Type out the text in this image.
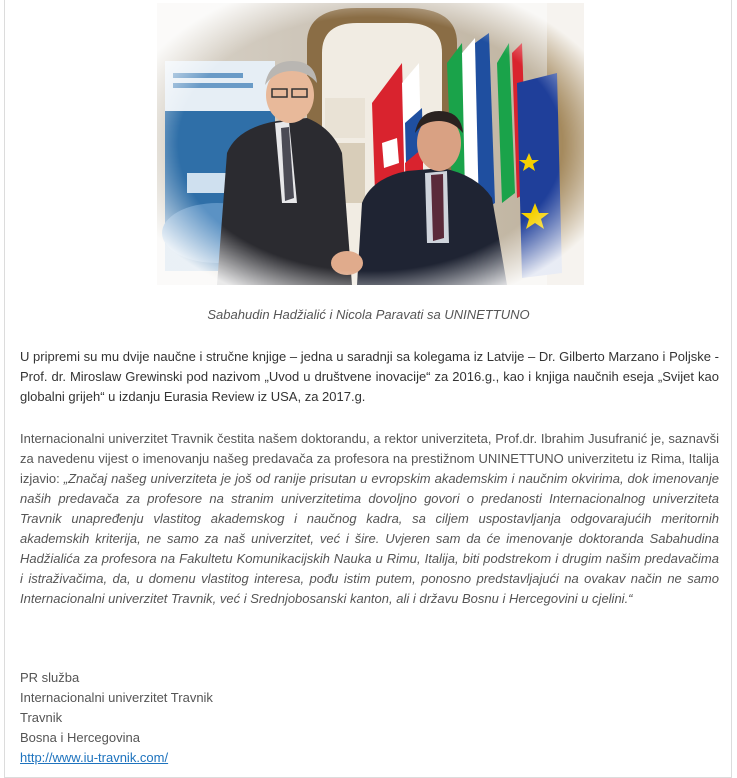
Sabahudin Hadžialić i Nicola Paravati sa UNINETTUNO

U pripremi su mu dvije naučne i stručne knjige – jedna u saradnji sa kolegama iz Latvije – Dr. Gilberto Marzano i Poljske - Prof. dr. Miroslaw Grewinski pod nazivom „Uvod u društvene inovacije“ za 2016.g., kao i knjiga naučnih eseja „Svijet kao globalni grijeh“ u izdanju Eurasia Review iz USA, za 2017.g.

Internacionalni univerzitet Travnik čestita našem doktorandu, a rektor univerziteta, Prof.dr. Ibrahim Jusufranić je, saznavši za navedenu vijest o imenovanju našeg predavača za profesora na prestižnom UNINETTUNO univerzitetu iz Rima, Italija izjavio: „Značaj našeg univerziteta je još od ranije prisutan u evropskim akademskim i naučnim okvirima, dok imenovanje naših predavača za profesore na stranim univerzitetima dovoljno govori o predanosti Internacionalnog univerziteta Travnik unapređenju vlastitog akademskog i naučnog kadra, sa ciljem uspostavljanja odgovarajućih meritornih akademskih kriterija, ne samo za naš univerzitet, već i šire. Uvjeren sam da će imenovanje doktoranda Sabahudina Hadžialića za profesora na Fakultetu Komunikacijskih Nauka u Rimu, Italija, biti podstrekom i drugim našim predavačima i istraživačima, da, u domenu vlastitog interesa, pođu istim putem, ponosno predstavljajući na ovakav način ne samo Internacionalni univerzitet Travnik, već i Srednjobosanski kanton, ali i državu Bosnu i Hercegovini u cjelini.“

PR služba
Internacionalni univerzitet Travnik
Travnik
Bosna i Hercegovina
http://www.iu-travnik.com/
